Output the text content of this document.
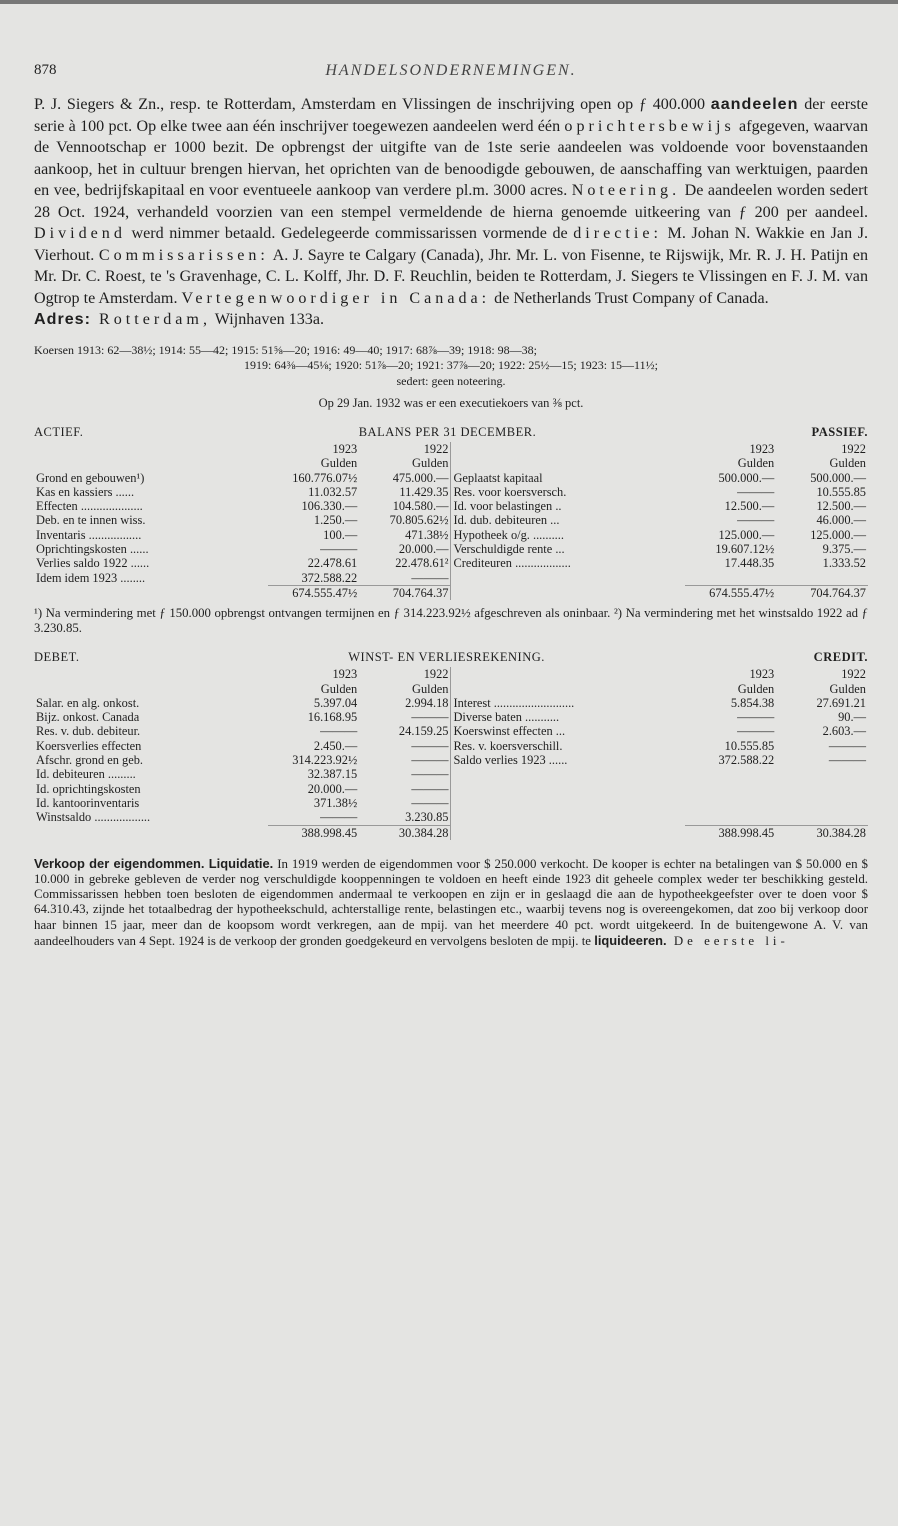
878	HANDELSONDERNEMINGEN.

P. J. Siegers & Zn., resp. te Rotterdam, Amsterdam en Vlissingen de inschrijving open op ƒ 400.000 aandeelen der eerste serie à 100 pct. Op elke twee aan één inschrijver toegewezen aandeelen werd één oprichtersbewijs afgegeven, waarvan de Vennootschap er 1000 bezit. De opbrengst der uitgifte van de 1ste serie aandeelen was voldoende voor bovenstaanden aankoop, het in cultuur brengen hiervan, het oprichten van de benoodigde gebouwen, de aanschaffing van werktuigen, paarden en vee, bedrijfskapitaal en voor eventueele aankoop van verdere pl.m. 3000 acres. Noteering. De aandeelen worden sedert 28 Oct. 1924, verhandeld voorzien van een stempel vermeldende de hierna genoemde uitkeering van ƒ 200 per aandeel. Dividend werd nimmer betaald. Gedelegeerde commissarissen vormende de directie: M. Johan N. Wakkie en Jan J. Vierhout. Commissarissen: A. J. Sayre te Calgary (Canada), Jhr. Mr. L. von Fisenne, te Rijswijk, Mr. R. J. H. Patijn en Mr. Dr. C. Roest, te 's Gravenhage, C. L. Kolff, Jhr. D. F. Reuchlin, beiden te Rotterdam, J. Siegers te Vlissingen en F. J. M. van Ogtrop te Amsterdam. Vertegenwoordiger in Canada: de Netherlands Trust Company of Canada.
Adres: Rotterdam, Wijnhaven 133a.

Koersen 1913: 62—38½; 1914: 55—42; 1915: 51⅝—20; 1916: 49—40; 1917: 68⅞—39; 1918: 98—38;
1919: 64⅜—45⅛; 1920: 51⅞—20; 1921: 37⅞—20; 1922: 25½—15; 1923: 15—11½;
sedert: geen noteering.

Op 29 Jan. 1932 was er een executiekoers van ⅜ pct.

ACTIEF.	BALANS PER 31 DECEMBER.	PASSIEF.
	1923	1922		1923	1922
	Gulden	Gulden		Gulden	Gulden
Grond en gebouwen¹)	160.776.07½	475.000.—	Geplaatst kapitaal	500.000.—	500.000.—
Kas en kassiers ......	11.032.57	11.429.35	Res. voor koersversch.	———	10.555.85
Effecten ....................	106.330.—	104.580.—	Id. voor belastingen ..	12.500.—	12.500.—
Deb. en te innen wiss.	1.250.—	70.805.62½	Id. dub. debiteuren ...	———	46.000.—
Inventaris .................	100.—	471.38½	Hypotheek o/g. ..........	125.000.—	125.000.—
Oprichtingskosten ......	———	20.000.—	Verschuldigde rente ...	19.607.12½	9.375.—
Verlies saldo 1922 ......	22.478.61	22.478.61²	Crediteuren ..................	17.448.35	1.333.52
Idem idem 1923 ........	372.588.22	———			
	674.555.47½	704.764.37		674.555.47½	704.764.37

¹) Na vermindering met ƒ 150.000 opbrengst ontvangen termijnen en ƒ 314.223.92½ afgeschreven als oninbaar. ²) Na vermindering met het winstsaldo 1922 ad ƒ 3.230.85.

DEBET.	WINST- EN VERLIESREKENING.	CREDIT.
	1923	1922		1923	1922
	Gulden	Gulden		Gulden	Gulden
Salar. en alg. onkost.	5.397.04	2.994.18	Interest ..........................	5.854.38	27.691.21
Bijz. onkost. Canada	16.168.95	———	Diverse baten ...........	———	90.—
Res. v. dub. debiteur.	———	24.159.25	Koerswinst effecten ...	———	2.603.—
Koersverlies effecten	2.450.—	———	Res. v. koersverschill.	10.555.85	———
Afschr. grond en geb.	314.223.92½	———	Saldo verlies 1923 ......	372.588.22	———
Id. debiteuren .........	32.387.15	———			
Id. oprichtingskosten	20.000.—	———			
Id. kantoorinventaris	371.38½	———			
Winstsaldo ..................	———	3.230.85			
	388.998.45	30.384.28		388.998.45	30.384.28

Verkoop der eigendommen. Liquidatie. In 1919 werden de eigendommen voor $ 250.000 verkocht. De kooper is echter na betalingen van $ 50.000 en $ 10.000 in gebreke gebleven de verder nog verschuldigde kooppenningen te voldoen en heeft einde 1923 dit geheele complex weder ter beschikking gesteld. Commissarissen hebben toen besloten de eigendommen andermaal te verkoopen en zijn er in geslaagd die aan de hypotheekgeefster over te doen voor $ 64.310.43, zijnde het totaalbedrag der hypotheekschuld, achterstallige rente, belastingen etc., waarbij tevens nog is overeengekomen, dat zoo bij verkoop door haar binnen 15 jaar, meer dan de koopsom wordt verkregen, aan de mpij. van het meerdere 40 pct. wordt uitgekeerd. In de buitengewone A. V. van aandeelhouders van 4 Sept. 1924 is de verkoop der gronden goedgekeurd en vervolgens besloten de mpij. te liquideeren. De eerste li-
